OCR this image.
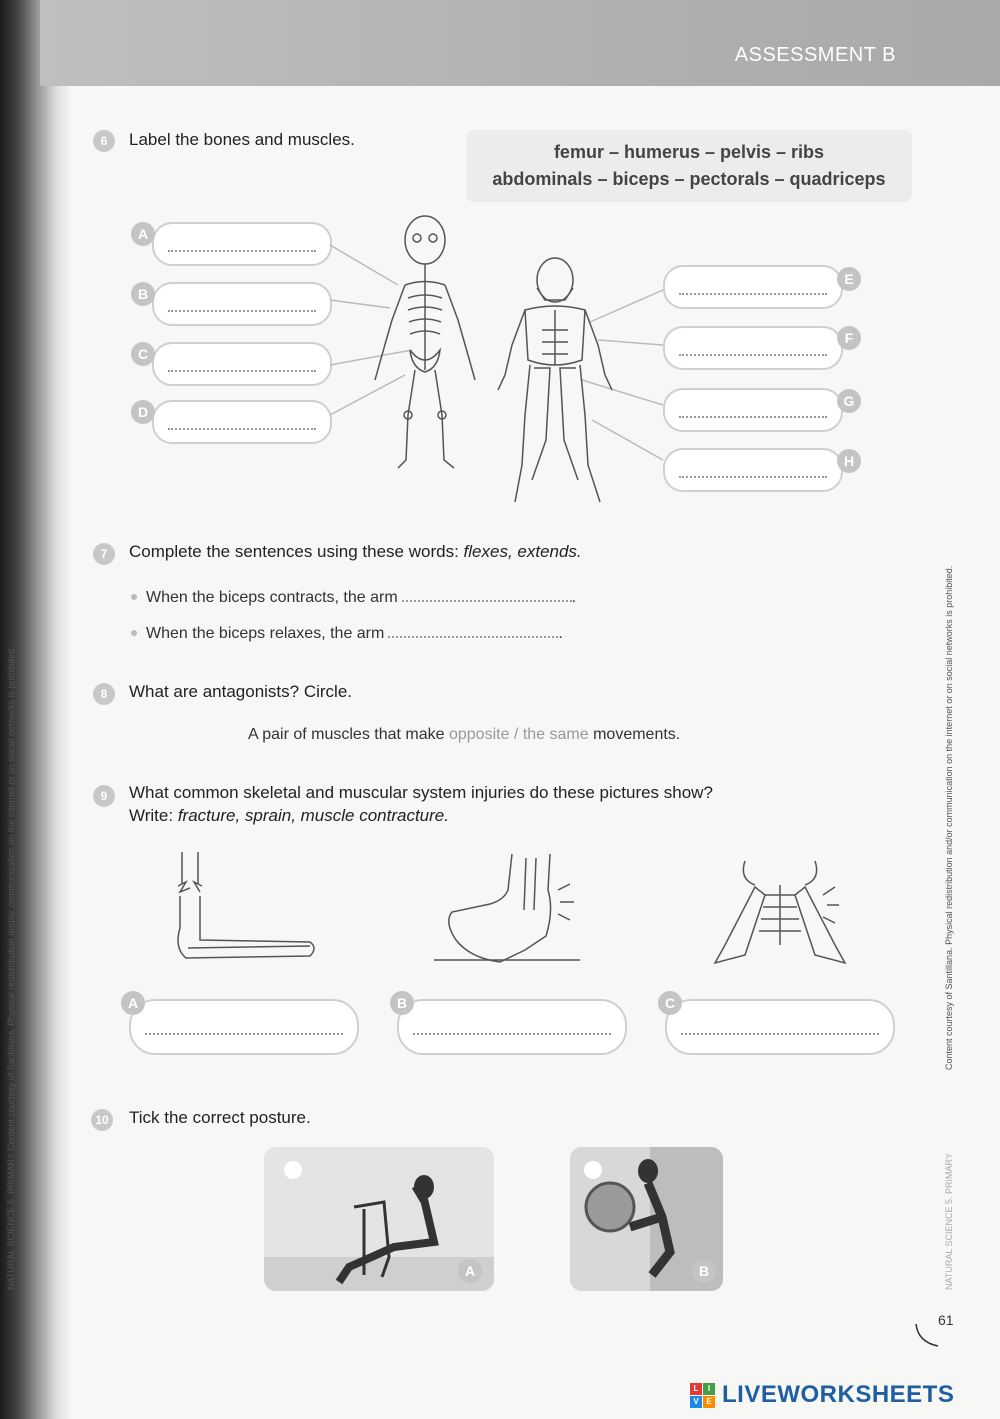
ASSESSMENT B
6	Label the bones and muscles.
femur – humerus – pelvis – ribs
abdominals – biceps – pectorals – quadriceps
A
B
C
D
E
F
G
H
7	Complete the sentences using these words: flexes, extends.
When the biceps contracts, the arm	.
When the biceps relaxes, the arm	.
8	What are antagonists? Circle.
A pair of muscles that make opposite / the same movements.
9	What common skeletal and muscular system injuries do these pictures show?
Write: fracture, sprain, muscle contracture.
A	B	C
10 Tick the correct posture.
A	B
NATURAL SCIENCE 5. PRIMARY Content courtesy of Santillana. Physical redistribution and/or communication on the internet or on social networks is prohibited.	NATURAL SCIENCE 5. PRIMARY
Content courtesy of Santillana. Physical redistribution and/or communication on the internet or on social networks is prohibited.
61
L	I
V E LIVEWORKSHEETS
